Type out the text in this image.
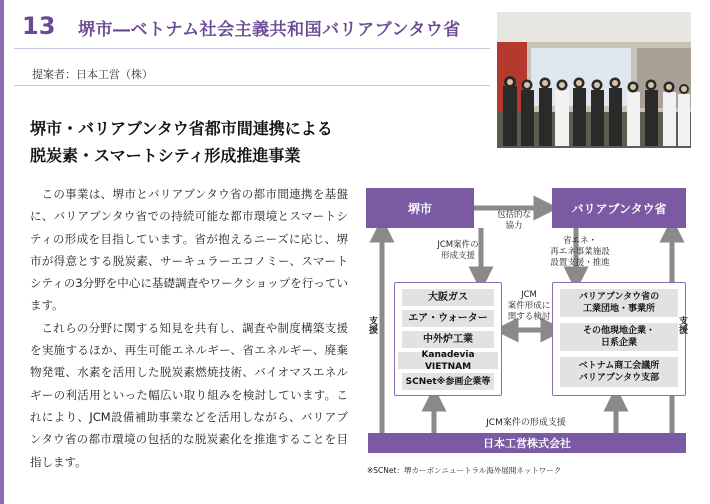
13 堺市―ベトナム社会主義共和国バリアブンタウ省
提案者：日本工営（株）
堺市・バリアブンタウ省都市間連携による
脱炭素・スマートシティ形成推進事業

この事業は、堺市とバリアブンタウ省の都市間連携を基盤に、バリアブンタウ省での持続可能な都市環境とスマートシティの形成を目指しています。省が抱えるニーズに応じ、堺市が得意とする脱炭素、サーキュラーエコノミー、スマートシティの3分野を中心に基礎調査やワークショップを行っています。

これらの分野に関する知見を共有し、調査や制度構築支援を実施するほか、再生可能エネルギー、省エネルギー、廃棄物発電、水素を活用した脱炭素燃焼技術、バイオマスエネルギーの利活用といった幅広い取り組みを検討しています。これにより、JCM設備補助事業などを活用しながら、バリアブンタウ省の都市環境の包括的な脱炭素化を推進することを目指します。

堺市	バリアブンタウ省
包括的な
協力
JCM案件の
形成支援
省エネ・
再エネ事業施設
設置支援・推進
JCM
案件形成に
関する検討
大阪ガス
エア・ウォーター
中外炉工業
Kanadevia VIETNAM
SCNet※参画企業等
バリアブンタウ省の
工業団地・事業所
その他現地企業・
日系企業
ベトナム商工会議所
バリアブンタウ支部
支援	支援
JCM案件の形成支援
日本工営株式会社
※SCNet：堺カーボンニュートラル海外展開ネットワーク
